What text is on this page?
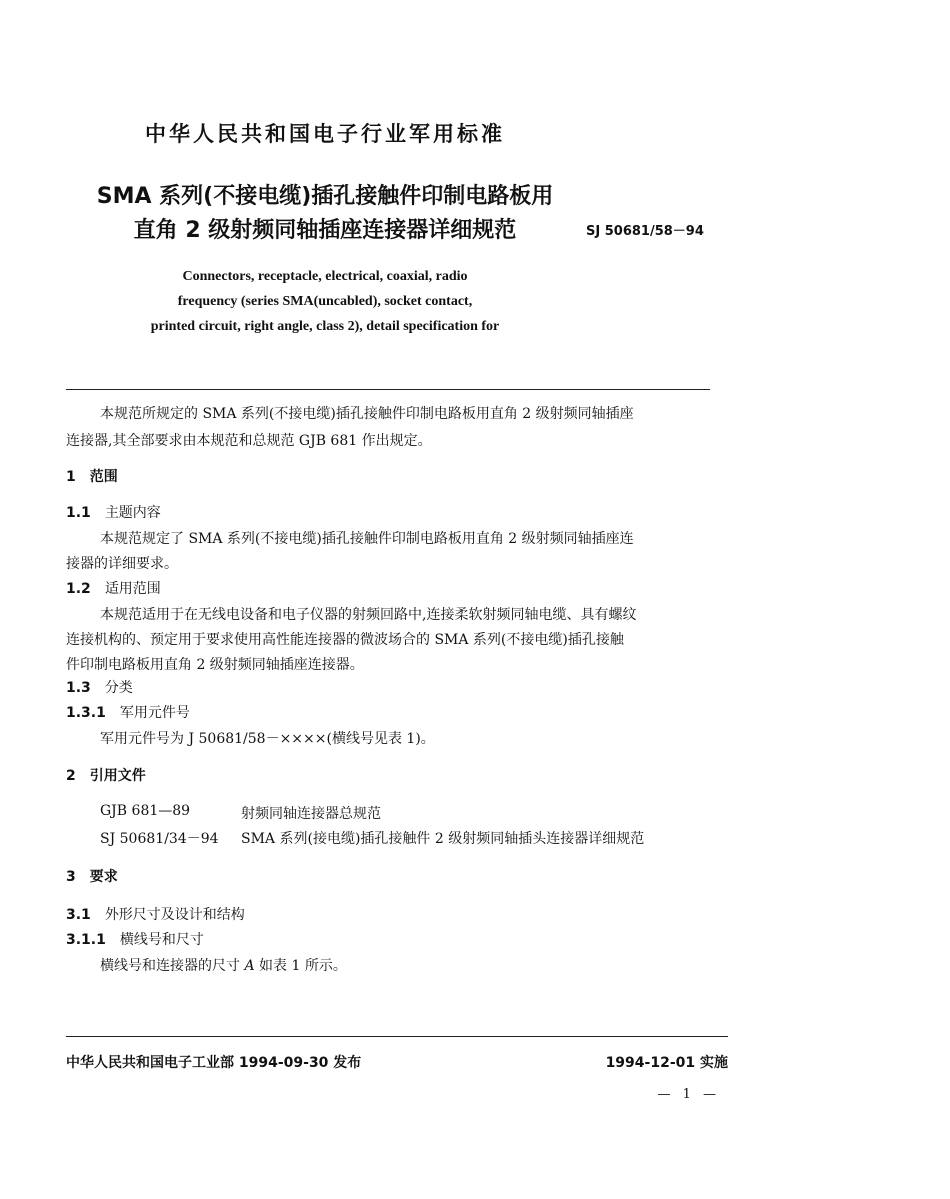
中华人民共和国电子行业军用标准
SMA 系列(不接电缆)插孔接触件印制电路板用
直角 2 级射频同轴插座连接器详细规范	SJ 50681/58－94
Connectors, receptacle, electrical, coaxial, radio
frequency (series SMA(uncabled), socket contact,
printed circuit, right angle, class 2), detail specification for
本规范所规定的 SMA 系列(不接电缆)插孔接触件印制电路板用直角 2 级射频同轴插座
连接器,其全部要求由本规范和总规范 GJB 681 作出规定。
1 范围
1.1 主题内容
本规范规定了 SMA 系列(不接电缆)插孔接触件印制电路板用直角 2 级射频同轴插座连
接器的详细要求。
1.2 适用范围
本规范适用于在无线电设备和电子仪器的射频回路中,连接柔软射频同轴电缆、具有螺纹
连接机构的、预定用于要求使用高性能连接器的微波场合的 SMA 系列(不接电缆)插孔接触
件印制电路板用直角 2 级射频同轴插座连接器。
1.3 分类
1.3.1 军用元件号
军用元件号为 J 50681/58－××××(横线号见表 1)。
2 引用文件
GJB 681—89	射频同轴连接器总规范
SJ 50681/34－94 SMA 系列(接电缆)插孔接触件 2 级射频同轴插头连接器详细规范
3 要求
3.1 外形尺寸及设计和结构
3.1.1 横线号和尺寸
横线号和连接器的尺寸 A 如表 1 所示。
中华人民共和国电子工业部 1994-09-30 发布	1994-12-01 实施
— 1 —
